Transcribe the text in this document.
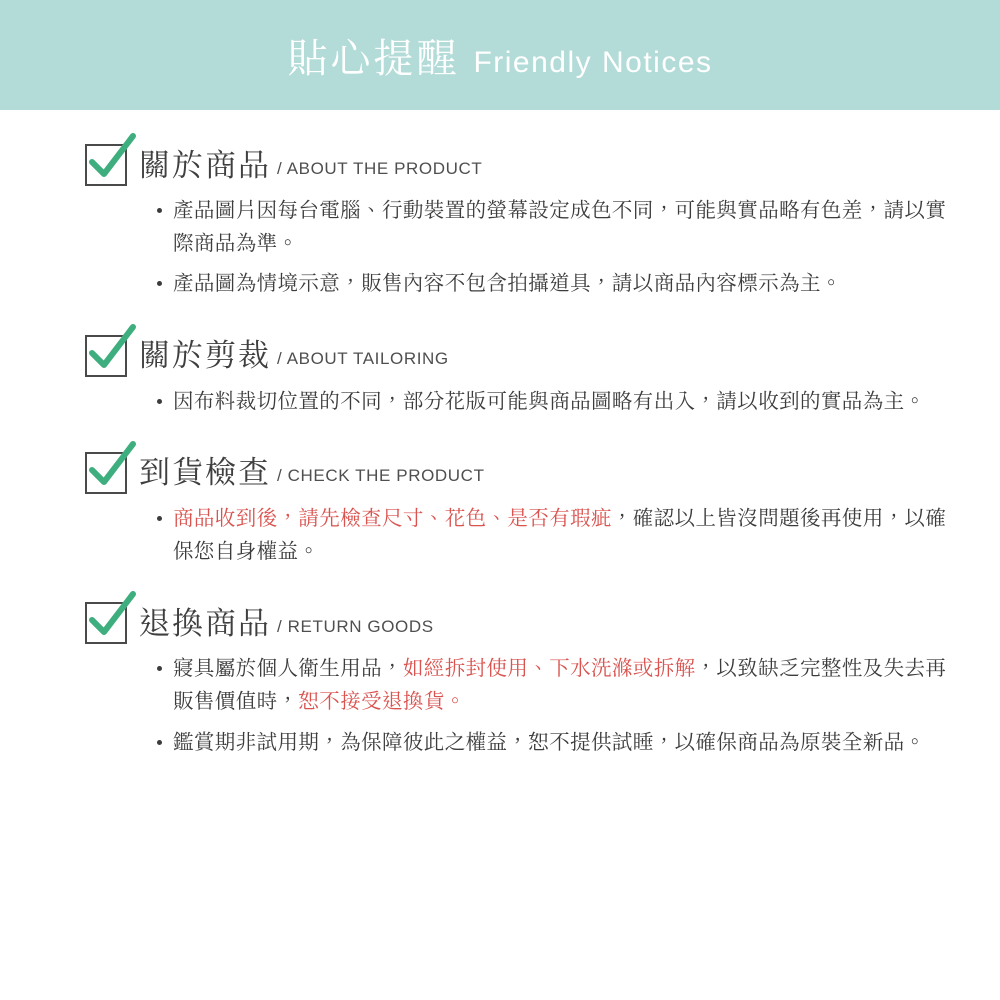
貼心提醒 Friendly Notices
關於商品 / ABOUT THE PRODUCT
產品圖片因每台電腦、行動裝置的螢幕設定成色不同，可能與實品略有色差，請以實際商品為準。
產品圖為情境示意，販售內容不包含拍攝道具，請以商品內容標示為主。
關於剪裁 / ABOUT TAILORING
因布料裁切位置的不同，部分花版可能與商品圖略有出入，請以收到的實品為主。
到貨檢查 / CHECK THE PRODUCT
商品收到後，請先檢查尺寸、花色、是否有瑕疵，確認以上皆沒問題後再使用，以確保您自身權益。
退換商品 / RETURN GOODS
寢具屬於個人衛生用品，如經拆封使用、下水洗滌或拆解，以致缺乏完整性及失去再販售價值時，恕不接受退換貨。
鑑賞期非試用期，為保障彼此之權益，恕不提供試睡，以確保商品為原裝全新品。
